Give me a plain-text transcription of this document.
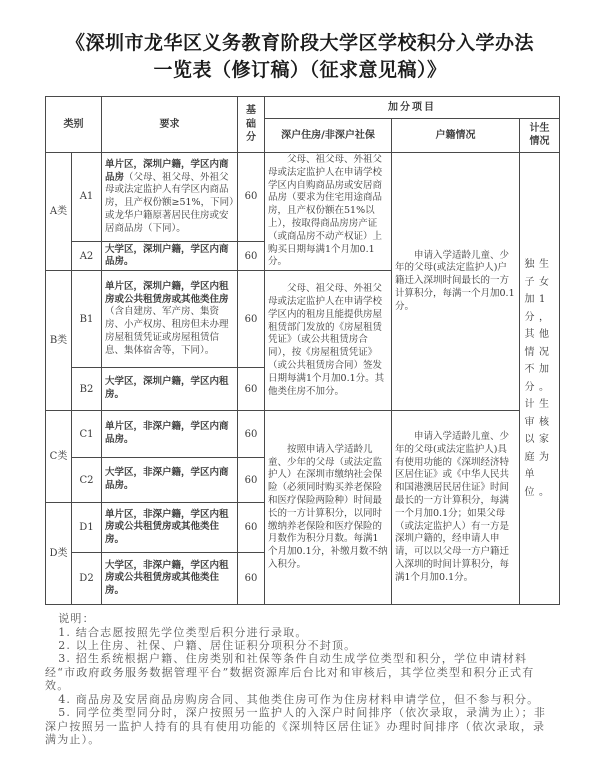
《深圳市龙华区义务教育阶段大学区学校积分入学办法一览表（修订稿）（征求意见稿）》
类别		要求	基础分	加分项目		
				深户住房/非深户社保	户籍情况	计生情况

A类	A1	单片区，深圳户籍，学区内商品房（父母、祖父母、外祖父母或法定监护人有学区内商品房，且产权份额≥51%，下同）或龙华户籍原著居民住房或安居商品房（下同）。	60	父母、祖父母、外祖父母或法定监护人在申请学校学区内自购商品房或安居商品房（要求为住宅用途商品房，且产权份额在51%以上），按取得商品房房产证（或商品房不动产权证）上购买日期每满1个月加0.1分。	申请入学适龄儿童、少年的父母(或法定监护人)户籍迁入深圳时间最长的一方计算积分，每满一个月加0.1分。	独生子女加1分，其他情况不加分。计生审核以家庭为单位。

	A2	大学区，深圳户籍，学区内商品房。	60			
B类	B1	单片区，深圳户籍，学区内租房或公共租赁房或其他类住房（含自建房、军产房、集资房、小产权房、租房但未办理房屋租赁凭证或房屋租赁信息、集体宿舍等，下同）。	60	父母、祖父母、外祖父母或法定监护人在申请学校学区内的租房且能提供房屋租赁部门发放的《房屋租赁凭证》（或公共租赁房合同），按《房屋租赁凭证》（或公共租赁房合同）签发日期每满1个月加0.1分。其他类住房不加分。		

	B2	大学区，深圳户籍，学区内租房。	60			
C类	C1	单片区，非深户籍，学区内商品房。	60	按照申请入学适龄儿童、少年的父母（或法定监护人）在深圳市缴纳社会保险（必须同时购买养老保险和医疗保险两险种）时间最长的一方计算积分，以同时缴纳养老保险和医疗保险的月数作为积分月数。每满1个月加0.1分，补缴月数不纳入积分。	申请入学适龄儿童、少年的父母(或法定监护人)具有使用功能的《深圳经济特区居住证》或《中华人民共和国港澳居民居住证》时间最长的一方计算积分，每满一个月加0.1分；如果父母（或法定监护人）有一方是深圳户籍的，经申请人申请，可以以父母一方户籍迁入深圳的时间计算积分，每满1个月加0.1分。	

	C2	大学区，非深户籍，学区内商品房。	60			
D类	D1	单片区，非深户籍，学区内租房或公共租赁房或其他类住房。	60			
	D2	大学区，非深户籍，学区内租房或公共租赁房或其他类住房。	60			

说明：

1. 结合志愿按照先学位类型后积分进行录取。

2. 以上住房、社保、户籍、居住证积分项积分不封顶。

3. 招生系统根据户籍、住房类别和社保等条件自动生成学位类型和积分，学位申请材料经“市政府政务服务数据管理平台”数据资源库后台比对和审核后，其学位类型和积分正式有效。

4. 商品房及安居商品房购房合同、其他类住房可作为住房材料申请学位，但不参与积分。

5. 同学位类型同分时，深户按照另一监护人的入深户时间排序（依次录取，录满为止）；非深户按照另一监护人持有的具有使用功能的《深圳特区居住证》办理时间排序（依次录取，录满为止）。
